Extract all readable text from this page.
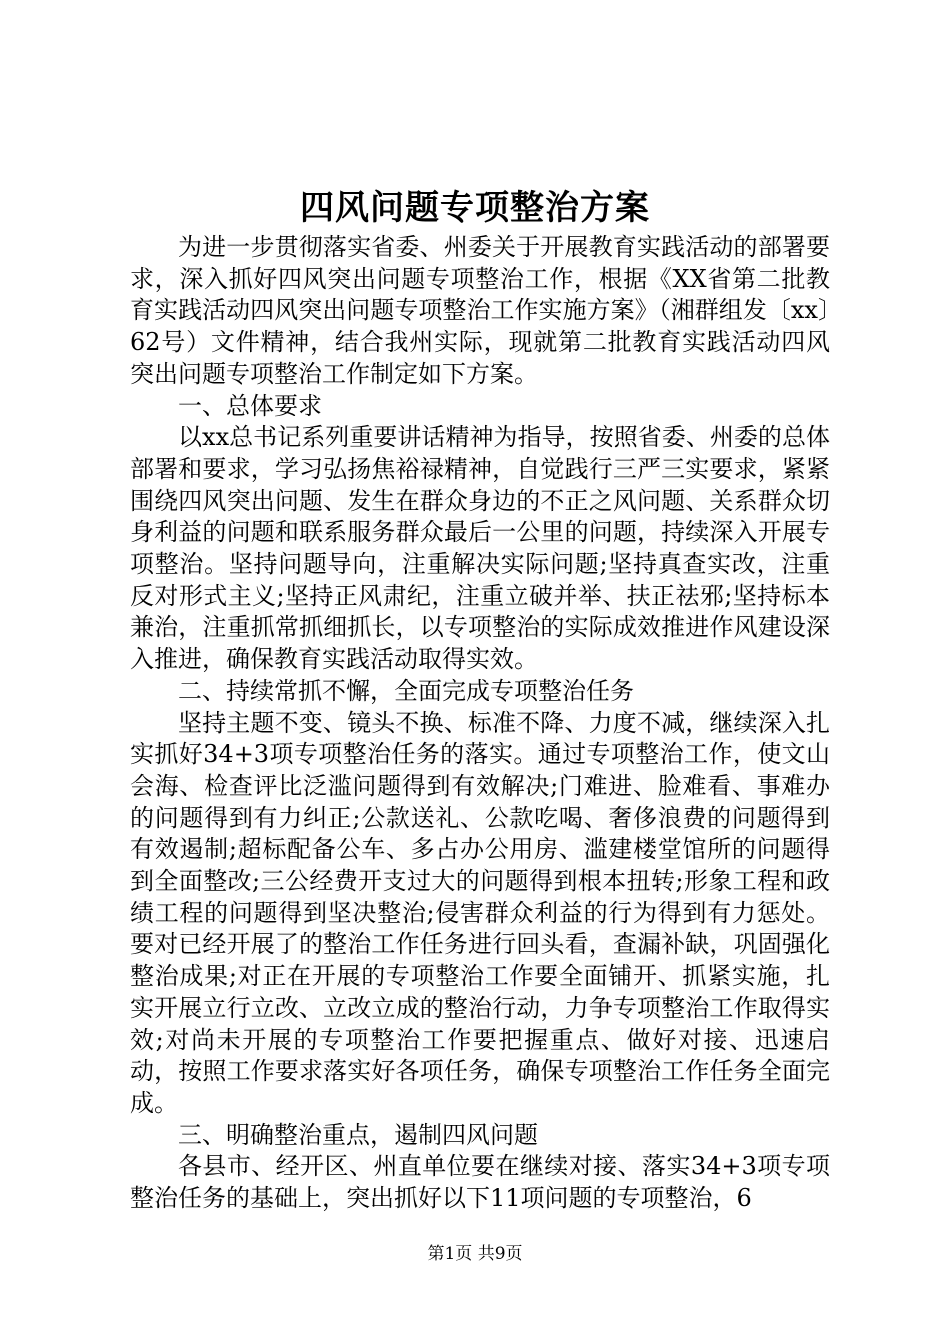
四风问题专项整治方案

为进一步贯彻落实省委、州委关于开展教育实践活动的部署要求，深入抓好四风突出问题专项整治工作，根据《XX省第二批教育实践活动四风突出问题专项整治工作实施方案》（湘群组发〔xx〕62号）文件精神，结合我州实际，现就第二批教育实践活动四风突出问题专项整治工作制定如下方案。

一、总体要求

以xx总书记系列重要讲话精神为指导，按照省委、州委的总体部署和要求，学习弘扬焦裕禄精神，自觉践行三严三实要求，紧紧围绕四风突出问题、发生在群众身边的不正之风问题、关系群众切身利益的问题和联系服务群众最后一公里的问题，持续深入开展专项整治。坚持问题导向，注重解决实际问题;坚持真查实改，注重反对形式主义;坚持正风肃纪，注重立破并举、扶正祛邪;坚持标本兼治，注重抓常抓细抓长，以专项整治的实际成效推进作风建设深入推进，确保教育实践活动取得实效。

二、持续常抓不懈，全面完成专项整治任务

坚持主题不变、镜头不换、标准不降、力度不减，继续深入扎实抓好34+3项专项整治任务的落实。通过专项整治工作，使文山会海、检查评比泛滥问题得到有效解决;门难进、脸难看、事难办的问题得到有力纠正;公款送礼、公款吃喝、奢侈浪费的问题得到有效遏制;超标配备公车、多占办公用房、滥建楼堂馆所的问题得到全面整改;三公经费开支过大的问题得到根本扭转;形象工程和政绩工程的问题得到坚决整治;侵害群众利益的行为得到有力惩处。要对已经开展了的整治工作任务进行回头看，查漏补缺，巩固强化整治成果;对正在开展的专项整治工作要全面铺开、抓紧实施，扎实开展立行立改、立改立成的整治行动，力争专项整治工作取得实效;对尚未开展的专项整治工作要把握重点、做好对接、迅速启动，按照工作要求落实好各项任务，确保专项整治工作任务全面完成。

三、明确整治重点，遏制四风问题

各县市、经开区、州直单位要在继续对接、落实34+3项专项整治任务的基础上，突出抓好以下11项问题的专项整治，6

第1页 共9页
